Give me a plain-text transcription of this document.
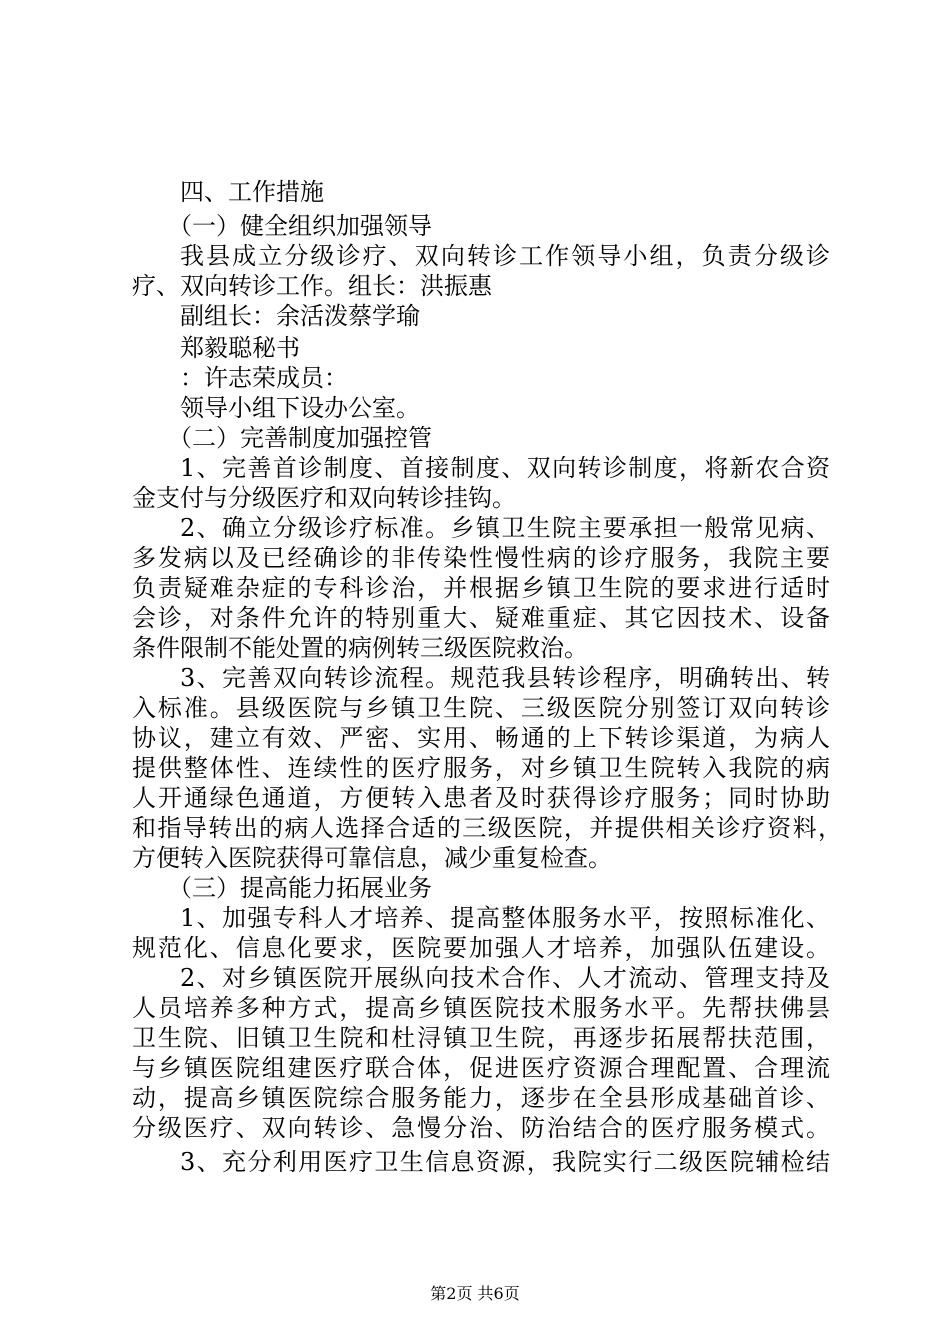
四、工作措施
（一）健全组织加强领导
我县成立分级诊疗、双向转诊工作领导小组，负责分级诊
疗、双向转诊工作。组长：洪振惠
副组长：余活泼蔡学瑜
郑毅聪秘书
：许志荣成员：
领导小组下设办公室。
（二）完善制度加强控管
1、完善首诊制度、首接制度、双向转诊制度，将新农合资
金支付与分级医疗和双向转诊挂钩。
2、确立分级诊疗标准。乡镇卫生院主要承担一般常见病、
多发病以及已经确诊的非传染性慢性病的诊疗服务，我院主要
负责疑难杂症的专科诊治，并根据乡镇卫生院的要求进行适时
会诊，对条件允许的特别重大、疑难重症、其它因技术、设备
条件限制不能处置的病例转三级医院救治。
3、完善双向转诊流程。规范我县转诊程序，明确转出、转
入标准。县级医院与乡镇卫生院、三级医院分别签订双向转诊
协议，建立有效、严密、实用、畅通的上下转诊渠道，为病人
提供整体性、连续性的医疗服务，对乡镇卫生院转入我院的病
人开通绿色通道，方便转入患者及时获得诊疗服务；同时协助
和指导转出的病人选择合适的三级医院，并提供相关诊疗资料，
方便转入医院获得可靠信息，减少重复检查。
（三）提高能力拓展业务
1、加强专科人才培养、提高整体服务水平，按照标准化、
规范化、信息化要求，医院要加强人才培养，加强队伍建设。
2、对乡镇医院开展纵向技术合作、人才流动、管理支持及
人员培养多种方式，提高乡镇医院技术服务水平。先帮扶佛昙
卫生院、旧镇卫生院和杜浔镇卫生院，再逐步拓展帮扶范围，
与乡镇医院组建医疗联合体，促进医疗资源合理配置、合理流
动，提高乡镇医院综合服务能力，逐步在全县形成基础首诊、
分级医疗、双向转诊、急慢分治、防治结合的医疗服务模式。
3、充分利用医疗卫生信息资源，我院实行二级医院辅检结
第2页 共6页
